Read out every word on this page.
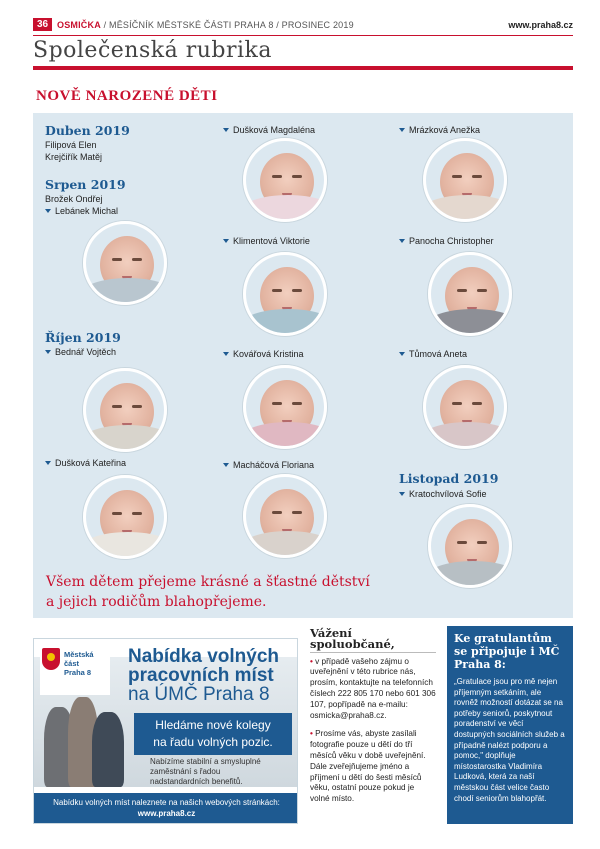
36 OSMIČKA / MĚSÍČNÍK MĚSTSKÉ ČÁSTI PRAHA 8 / PROSINEC 2019	www.praha8.cz
Společenská rubrika
NOVĚ NAROZENÉ DĚTI
Duben 2019
Filipová Elen
Krejčiřík Matěj
Srpen 2019
Brožek Ondřej
Lebánek Michal
Říjen 2019
Bednář Vojtěch
Dušková Kateřina
Dušková Magdaléna
Klimentová Viktorie
Kovářová Kristina
Macháčová Floriana
Mrázková Anežka
Panocha Christopher
Tůmová Aneta
Listopad 2019
Kratochvílová Sofie
Všem dětem přejeme krásné a šťastné dětství
a jejich rodičům blahopřejeme.
Městská část
Praha 8
Nabídka volných
pracovních míst
na ÚMČ Praha 8
Hledáme nové kolegy
na řadu volných pozic.
Nabízíme stabilní a smysluplné
zaměstnání s řadou
nadstandardních benefitů.
Nabídku volných míst naleznete na našich webových stránkách:
www.praha8.cz
Vážení spoluobčané,

• v případě vašeho zájmu o uveřejnění v této rubrice nás, prosím, kontaktujte na telefonních číslech 222 805 170 nebo 601 306 107, popřípadě na e-mailu: osmicka@praha8.cz.

• Prosíme vás, abyste zasílali fotografie pouze u dětí do tří měsíců věku v době uveřejnění. Dále zveřejňujeme jméno a příjmení u dětí do šesti měsíců věku, ostatní pouze pokud je volné místo.

Ke gratulantům se připojuje i MČ Praha 8:

„Gratulace jsou pro mě nejen příjemným setkáním, ale rovněž možností dotázat se na potřeby seniorů, poskytnout poradenství ve věcí dostupných sociálních služeb a případně nalézt podporu a pomoc," doplňuje místostarostka Vladimíra Ludková, která za naší městskou část velice často chodí seniorům blahopřát.
